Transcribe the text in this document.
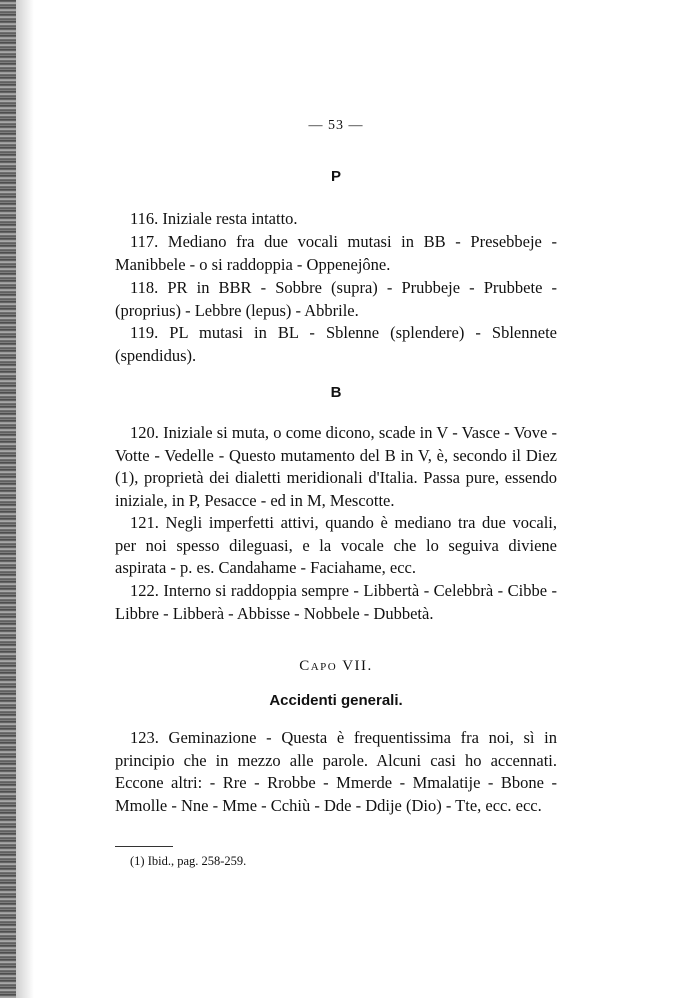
— 53 —
P
116. Iniziale resta intatto.
117. Mediano fra due vocali mutasi in BB - Presebbeje - Manibbele - o si raddoppia - Oppenejône.
118. PR in BBR - Sobbre (supra) - Prubbeje - Prubbete - (proprius) - Lebbre (lepus) - Abbrile.
119. PL mutasi in BL - Sblenne (splendere) - Sblennete (spendidus).
B
120. Iniziale si muta, o come dicono, scade in V - Vasce - Vove - Votte - Vedelle - Questo mutamento del B in V, è, secondo il Diez (1), proprietà dei dialetti meridionali d'Italia. Passa pure, essendo iniziale, in P, Pesacce - ed in M, Mescotte.
121. Negli imperfetti attivi, quando è mediano tra due vocali, per noi spesso dileguasi, e la vocale che lo seguiva diviene aspirata - p. es. Candahame - Faciahame, ecc.
122. Interno si raddoppia sempre - Libbertà - Celebbrà - Cibbe - Libbre - Libberà - Abbisse - Nobbele - Dubbetà.
Capo VII.
Accidenti generali.
123. Geminazione - Questa è frequentissima fra noi, sì in principio che in mezzo alle parole. Alcuni casi ho accennati. Eccone altri: - Rre - Rrobbe - Mmerde - Mmalatije - Bbone - Mmolle - Nne - Mme - Cchiù - Dde - Ddije (Dio) - Tte, ecc. ecc.
(1) Ibid., pag. 258-259.
